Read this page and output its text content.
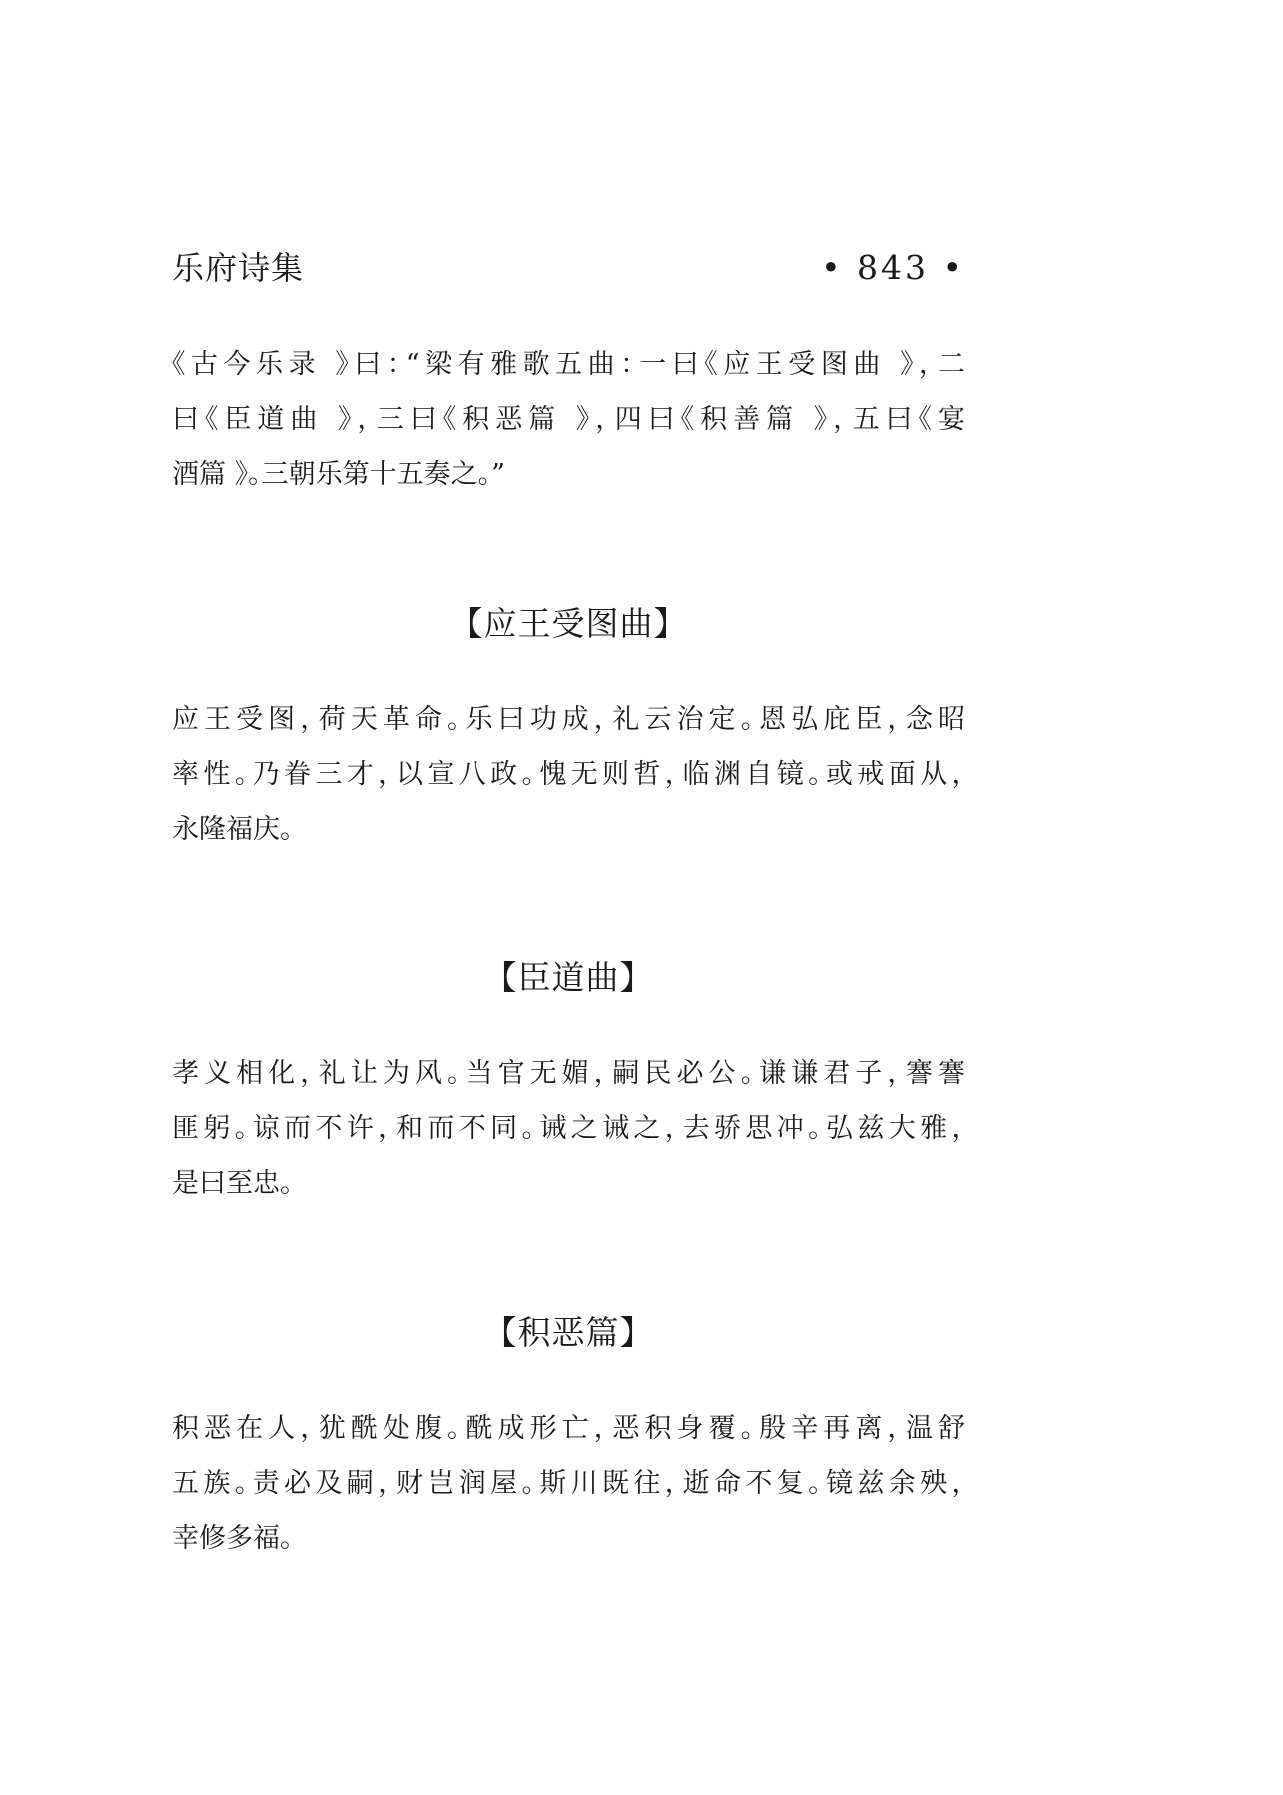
乐府诗集	• 843 •
《古今乐录 》曰：“梁有雅歌五曲：一曰《应王受图曲 》，二
曰《臣道曲 》，三曰《积恶篇 》，四曰《积善篇 》，五曰《宴
酒篇 》。三朝乐第十五奏之。”
【应王受图曲】
应王受图，荷天革命。乐曰功成，礼云治定。恩弘庇臣，念昭
率性。乃眷三才，以宣八政。愧无则哲，临渊自镜。或戒面从，
永隆福庆。
【臣道曲】
孝义相化，礼让为风。当官无媚，嗣民必公。谦谦君子，謇謇
匪躬。谅而不许，和而不同。诫之诫之，去骄思冲。弘兹大雅，
是曰至忠。
【积恶篇】
积恶在人，犹酰处腹。酰成形亡，恶积身覆。殷辛再离，温舒
五族。责必及嗣，财岂润屋。斯川既往，逝命不复。镜兹余殃，
幸修多福。
